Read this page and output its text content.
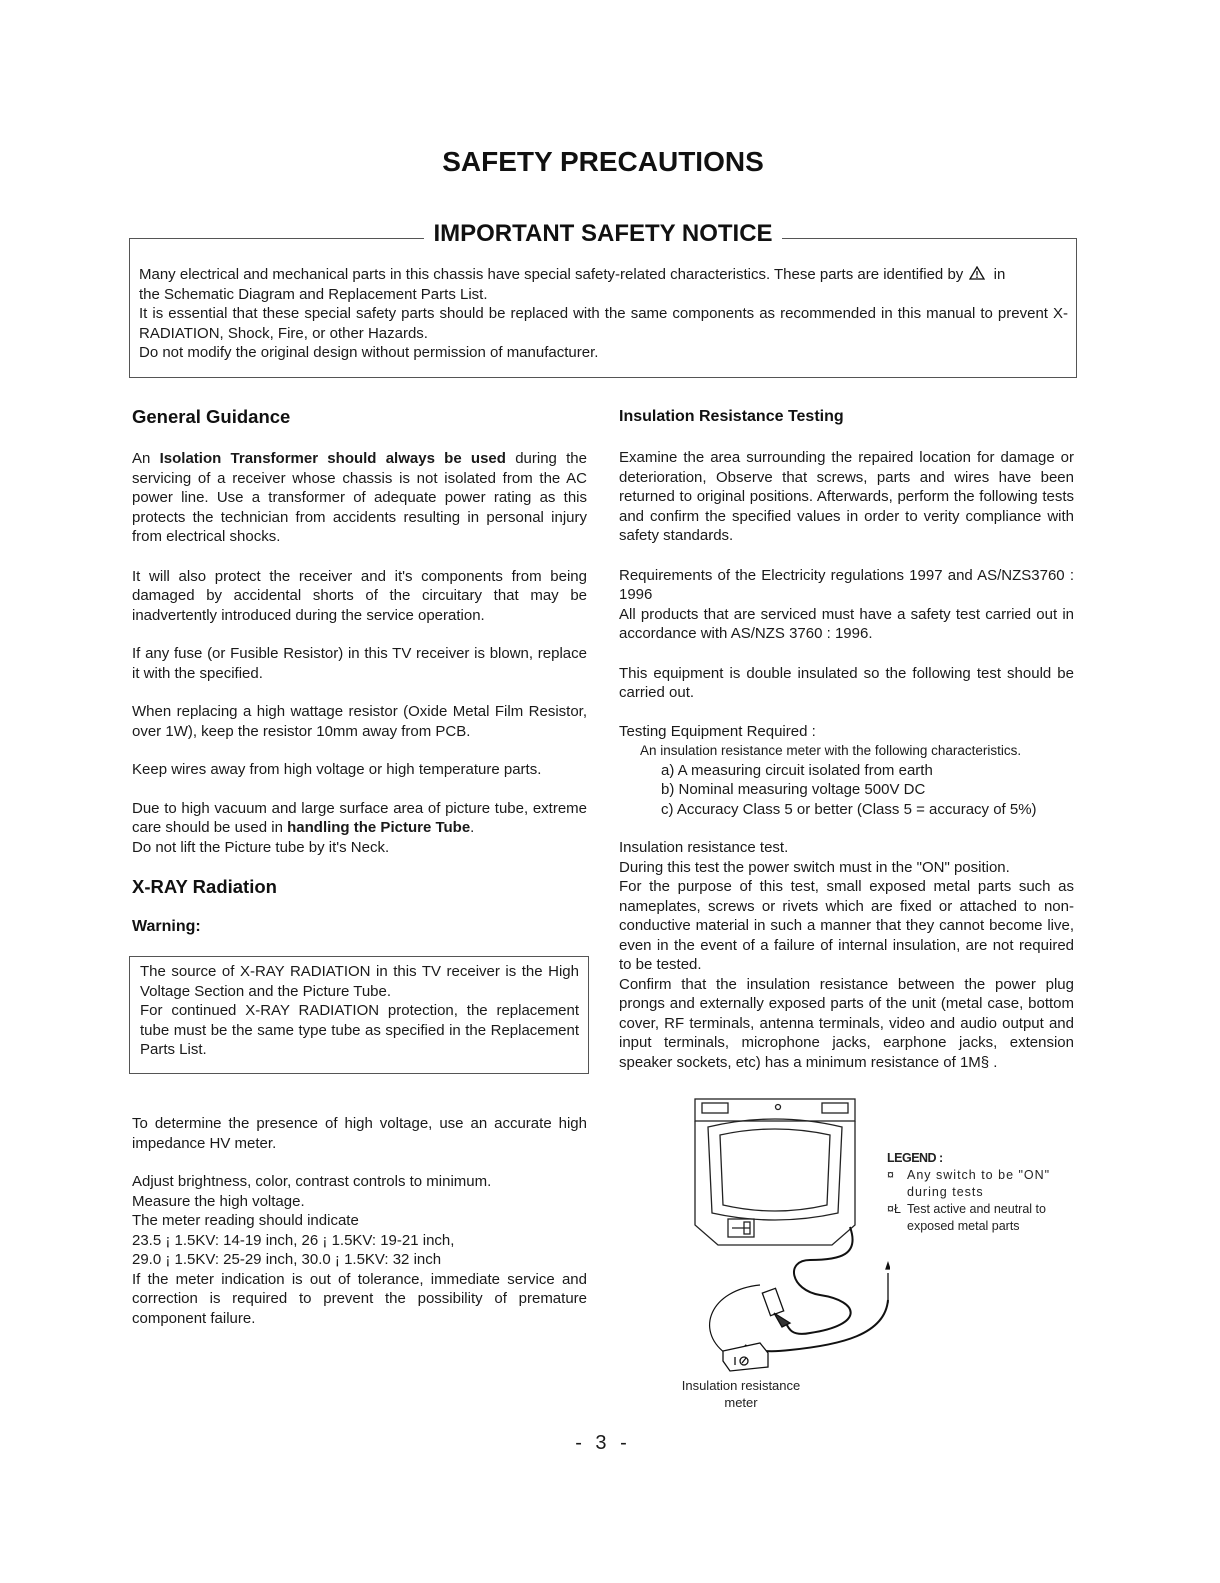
SAFETY PRECAUTIONS
IMPORTANT SAFETY NOTICE

Many electrical and mechanical parts in this chassis have special safety-related characteristics. These parts are identified by in

the Schematic Diagram and Replacement Parts List.

It is essential that these special safety parts should be replaced with the same components as recommended in this manual to prevent X-RADIATION, Shock, Fire, or other Hazards.

Do not modify the original design without permission of manufacturer.

General Guidance

An Isolation Transformer should always be used during the servicing of a receiver whose chassis is not isolated from the AC power line. Use a transformer of adequate power rating as this protects the technician from accidents resulting in personal injury from electrical shocks.

It will also protect the receiver and it's components from being damaged by accidental shorts of the circuitary that may be inadvertently introduced during the service operation.

If any fuse (or Fusible Resistor) in this TV receiver is blown, replace it with the specified.

When replacing a high wattage resistor (Oxide Metal Film Resistor, over 1W), keep the resistor 10mm away from PCB.

Keep wires away from high voltage or high temperature parts.

Due to high vacuum and large surface area of picture tube, extreme care should be used in handling the Picture Tube.

Do not lift the Picture tube by it's Neck.

X-RAY Radiation
Warning:

The source of X-RAY RADIATION in this TV receiver is the High Voltage Section and the Picture Tube.

For continued X-RAY RADIATION protection, the replacement tube must be the same type tube as specified in the Replacement Parts List.

To determine the presence of high voltage, use an accurate high impedance HV meter.

Adjust brightness, color, contrast controls to minimum.

Measure the high voltage.

The meter reading should indicate

23.5 ¡ 1.5KV: 14-19 inch, 26 ¡ 1.5KV: 19-21 inch,

29.0 ¡ 1.5KV: 25-29 inch, 30.0 ¡ 1.5KV: 32 inch

If the meter indication is out of tolerance, immediate service and correction is required to prevent the possibility of premature component failure.

Insulation Resistance Testing

Examine the area surrounding the repaired location for damage or deterioration, Observe that screws, parts and wires have been returned to original positions. Afterwards, perform the following tests and confirm the specified values in order to verity compliance with safety standards.

Requirements of the Electricity regulations 1997 and AS/NZS3760 : 1996

All products that are serviced must have a safety test carried out in accordance with AS/NZS 3760 : 1996.

This equipment is double insulated so the following test should be carried out.

Testing Equipment Required :

An insulation resistance meter with the following characteristics.

a) A measuring circuit isolated from earth

b) Nominal measuring voltage 500V DC

c) Accuracy Class 5 or better (Class 5 = accuracy of 5%)

Insulation resistance test.

During this test the power switch must in the "ON" position.

For the purpose of this test, small exposed metal parts such as nameplates, screws or rivets which are fixed or attached to non-conductive material in such a manner that they cannot become live, even in the event of a failure of internal insulation, are not required to be tested.

Confirm that the insulation resistance between the power plug prongs and externally exposed parts of the unit (metal case, bottom cover, RF terminals, antenna terminals, video and audio output and input terminals, microphone jacks, earphone jacks, extension speaker sockets, etc) has a minimum resistance of 1M§ .

LEGEND :
¤	Any switch to be "ON" during tests
¤Ł Test active and neutral to exposed metal parts
Insulation resistance meter
- 3 -
